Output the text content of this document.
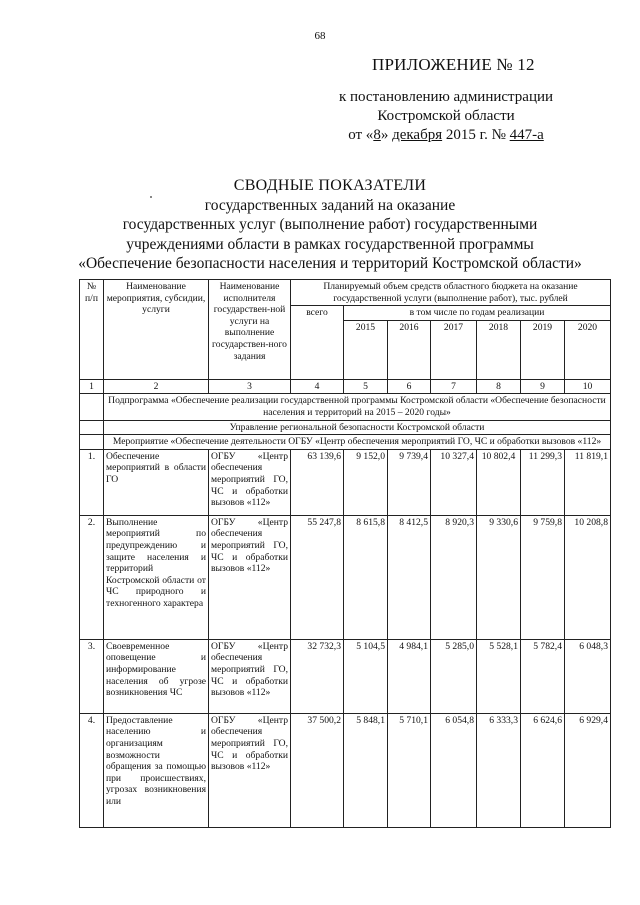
68
ПРИЛОЖЕНИЕ № 12
к постановлению администрации
Костромской области
от «8» декабря 2015 г. № 447-а
СВОДНЫЕ ПОКАЗАТЕЛИ
государственных заданий на оказание
государственных услуг (выполнение работ) государственными
учреждениями области в рамках государственной программы
«Обеспечение безопасности населения и территорий Костромской области»
№ п/п	Наименование мероприятия, субсидии, услуги	Наименование исполнителя государствен-ной услуги на выполнение государствен-ного задания	Планируемый объем средств областного бюджета на оказание государственной услуги (выполнение работ), тыс. рублей						
			всего	в том числе по годам реализации					
				2015	2016	2017	2018	2019	2020
1	2	3	4	5	6	7	8	9	10
	Подпрограмма «Обеспечение реализации государственной программы Костромской области «Обеспечение безопасности населения и территорий на 2015 – 2020 годы»								
	Управление региональной безопасности Костромской области								
	Мероприятие «Обеспечение деятельности ОГБУ «Центр обеспечения мероприятий ГО, ЧС и обработки вызовов «112»								
1.	Обеспечение мероприятий в области ГО	ОГБУ «Центр обеспечения мероприятий ГО, ЧС и обработки вызовов «112»	63 139,6	9 152,0	9 739,4	10 327,4	10 802,4	11 299,3	11 819,1
2.	Выполнение мероприятий по предупреждению и защите населения и территорий Костромской области от ЧС природного и техногенного характера	ОГБУ «Центр обеспечения мероприятий ГО, ЧС и обработки вызовов «112»	55 247,8	8 615,8	8 412,5	8 920,3	9 330,6	9 759,8	10 208,8
3.	Своевременное оповещение и информирование населения об угрозе возникновения ЧС	ОГБУ «Центр обеспечения мероприятий ГО, ЧС и обработки вызовов «112»	32 732,3	5 104,5	4 984,1	5 285,0	5 528,1	5 782,4	6 048,3
4.	Предоставление населению и организациям возможности обращения за помощью при происшествиях, угрозах возникновения или	ОГБУ «Центр обеспечения мероприятий ГО, ЧС и обработки вызовов «112»	37 500,2	5 848,1	5 710,1	6 054,8	6 333,3	6 624,6	6 929,4
